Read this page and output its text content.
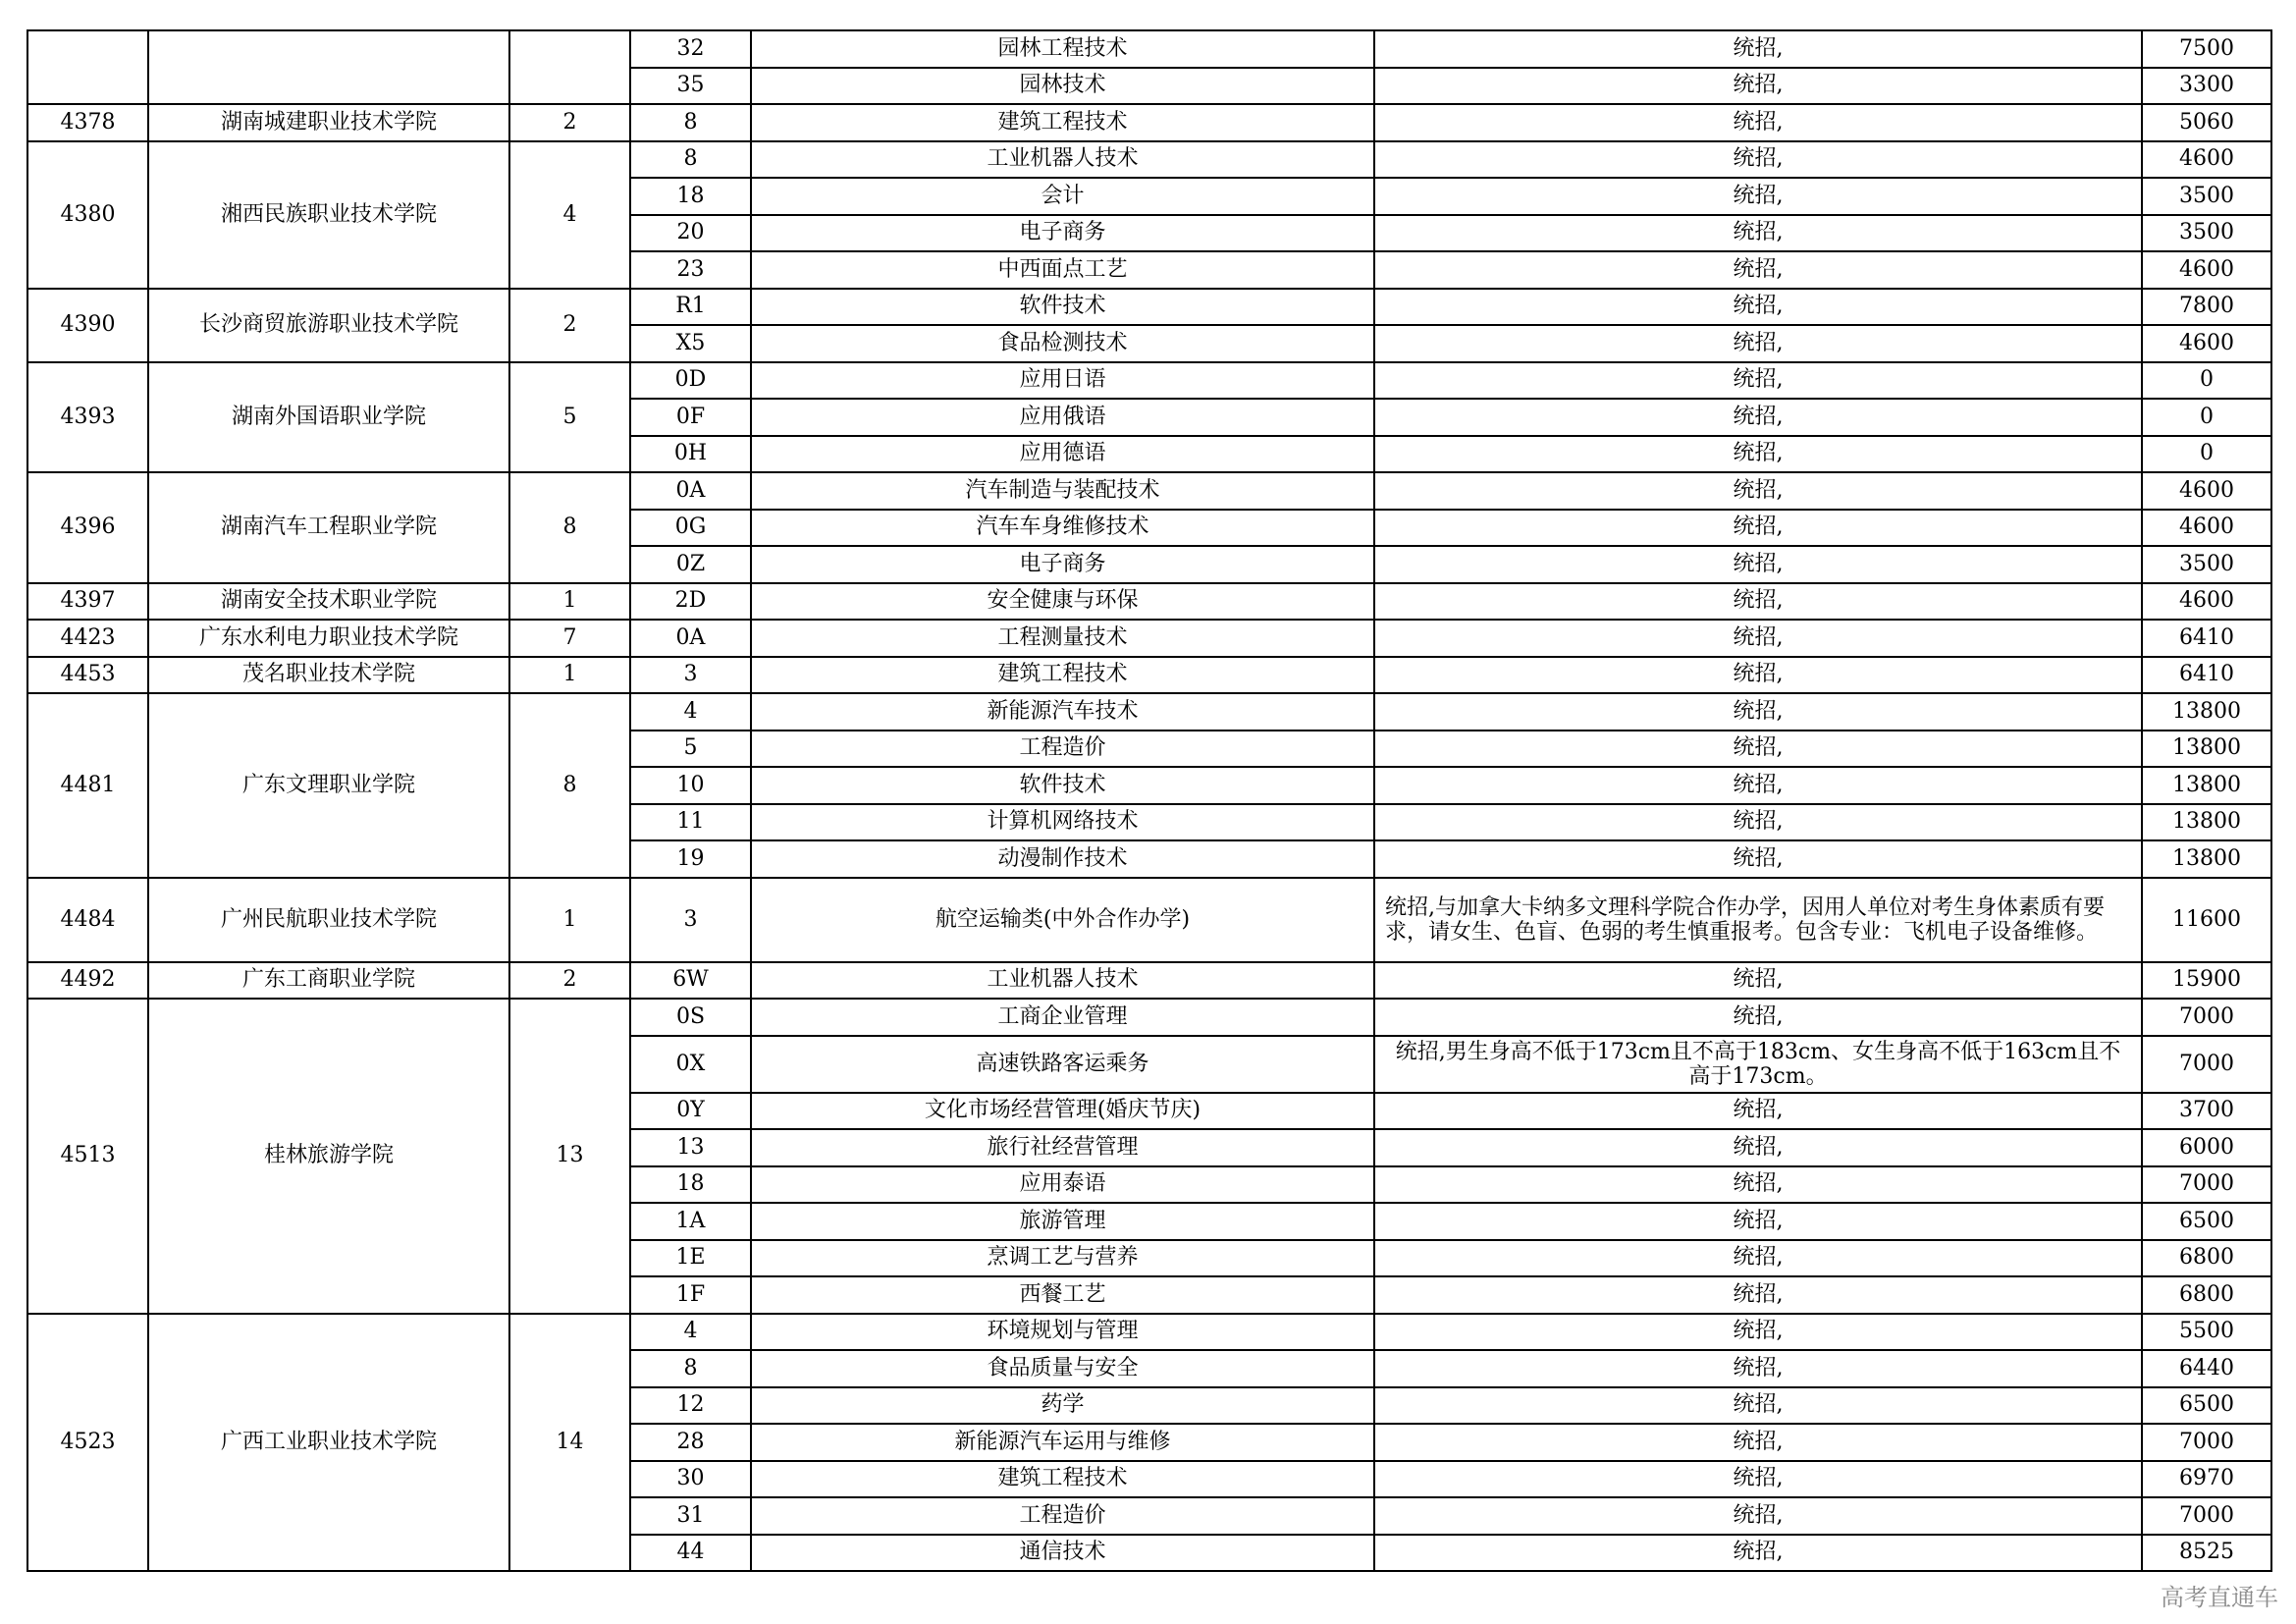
			32	园林工程技术	统招,	7500
			35	园林技术	统招,	3300
4378	湖南城建职业技术学院	2	8	建筑工程技术	统招,	5060
4380	湘西民族职业技术学院	4	8	工业机器人技术	统招,	4600
			18	会计	统招,	3500
			20	电子商务	统招,	3500
			23	中西面点工艺	统招,	4600
4390	长沙商贸旅游职业技术学院	2	R1	软件技术	统招,	7800
			X5	食品检测技术	统招,	4600
4393	湖南外国语职业学院	5	0D	应用日语	统招,	0
			0F	应用俄语	统招,	0
			0H	应用德语	统招,	0
4396	湖南汽车工程职业学院	8	0A	汽车制造与装配技术	统招,	4600
			0G	汽车车身维修技术	统招,	4600
			0Z	电子商务	统招,	3500
4397	湖南安全技术职业学院	1	2D	安全健康与环保	统招,	4600
4423	广东水利电力职业技术学院	7	0A	工程测量技术	统招,	6410
4453	茂名职业技术学院	1	3	建筑工程技术	统招,	6410
4481	广东文理职业学院	8	4	新能源汽车技术	统招,	13800
			5	工程造价	统招,	13800
			10	软件技术	统招,	13800
			11	计算机网络技术	统招,	13800
			19	动漫制作技术	统招,	13800
4484	广州民航职业技术学院	1	3	航空运输类(中外合作办学)	统招,与加拿大卡纳多文理科学院合作办学，因用人单位对考生身体素质有要求，请女生、色盲、色弱的考生慎重报考。包含专业：飞机电子设备维修。	11600
4492	广东工商职业学院	2	6W	工业机器人技术	统招,	15900
4513	桂林旅游学院	13	0S	工商企业管理	统招,	7000
			0X	高速铁路客运乘务	统招,男生身高不低于173cm且不高于183cm、女生身高不低于163cm且不高于173cm。	7000
			0Y	文化市场经营管理(婚庆节庆)	统招,	3700
			13	旅行社经营管理	统招,	6000
			18	应用泰语	统招,	7000
			1A	旅游管理	统招,	6500
			1E	烹调工艺与营养	统招,	6800
			1F	西餐工艺	统招,	6800
4523	广西工业职业技术学院	14	4	环境规划与管理	统招,	5500
			8	食品质量与安全	统招,	6440
			12	药学	统招,	6500
			28	新能源汽车运用与维修	统招,	7000
			30	建筑工程技术	统招,	6970
			31	工程造价	统招,	7000
			44	通信技术	统招,	8525
高考直通车
